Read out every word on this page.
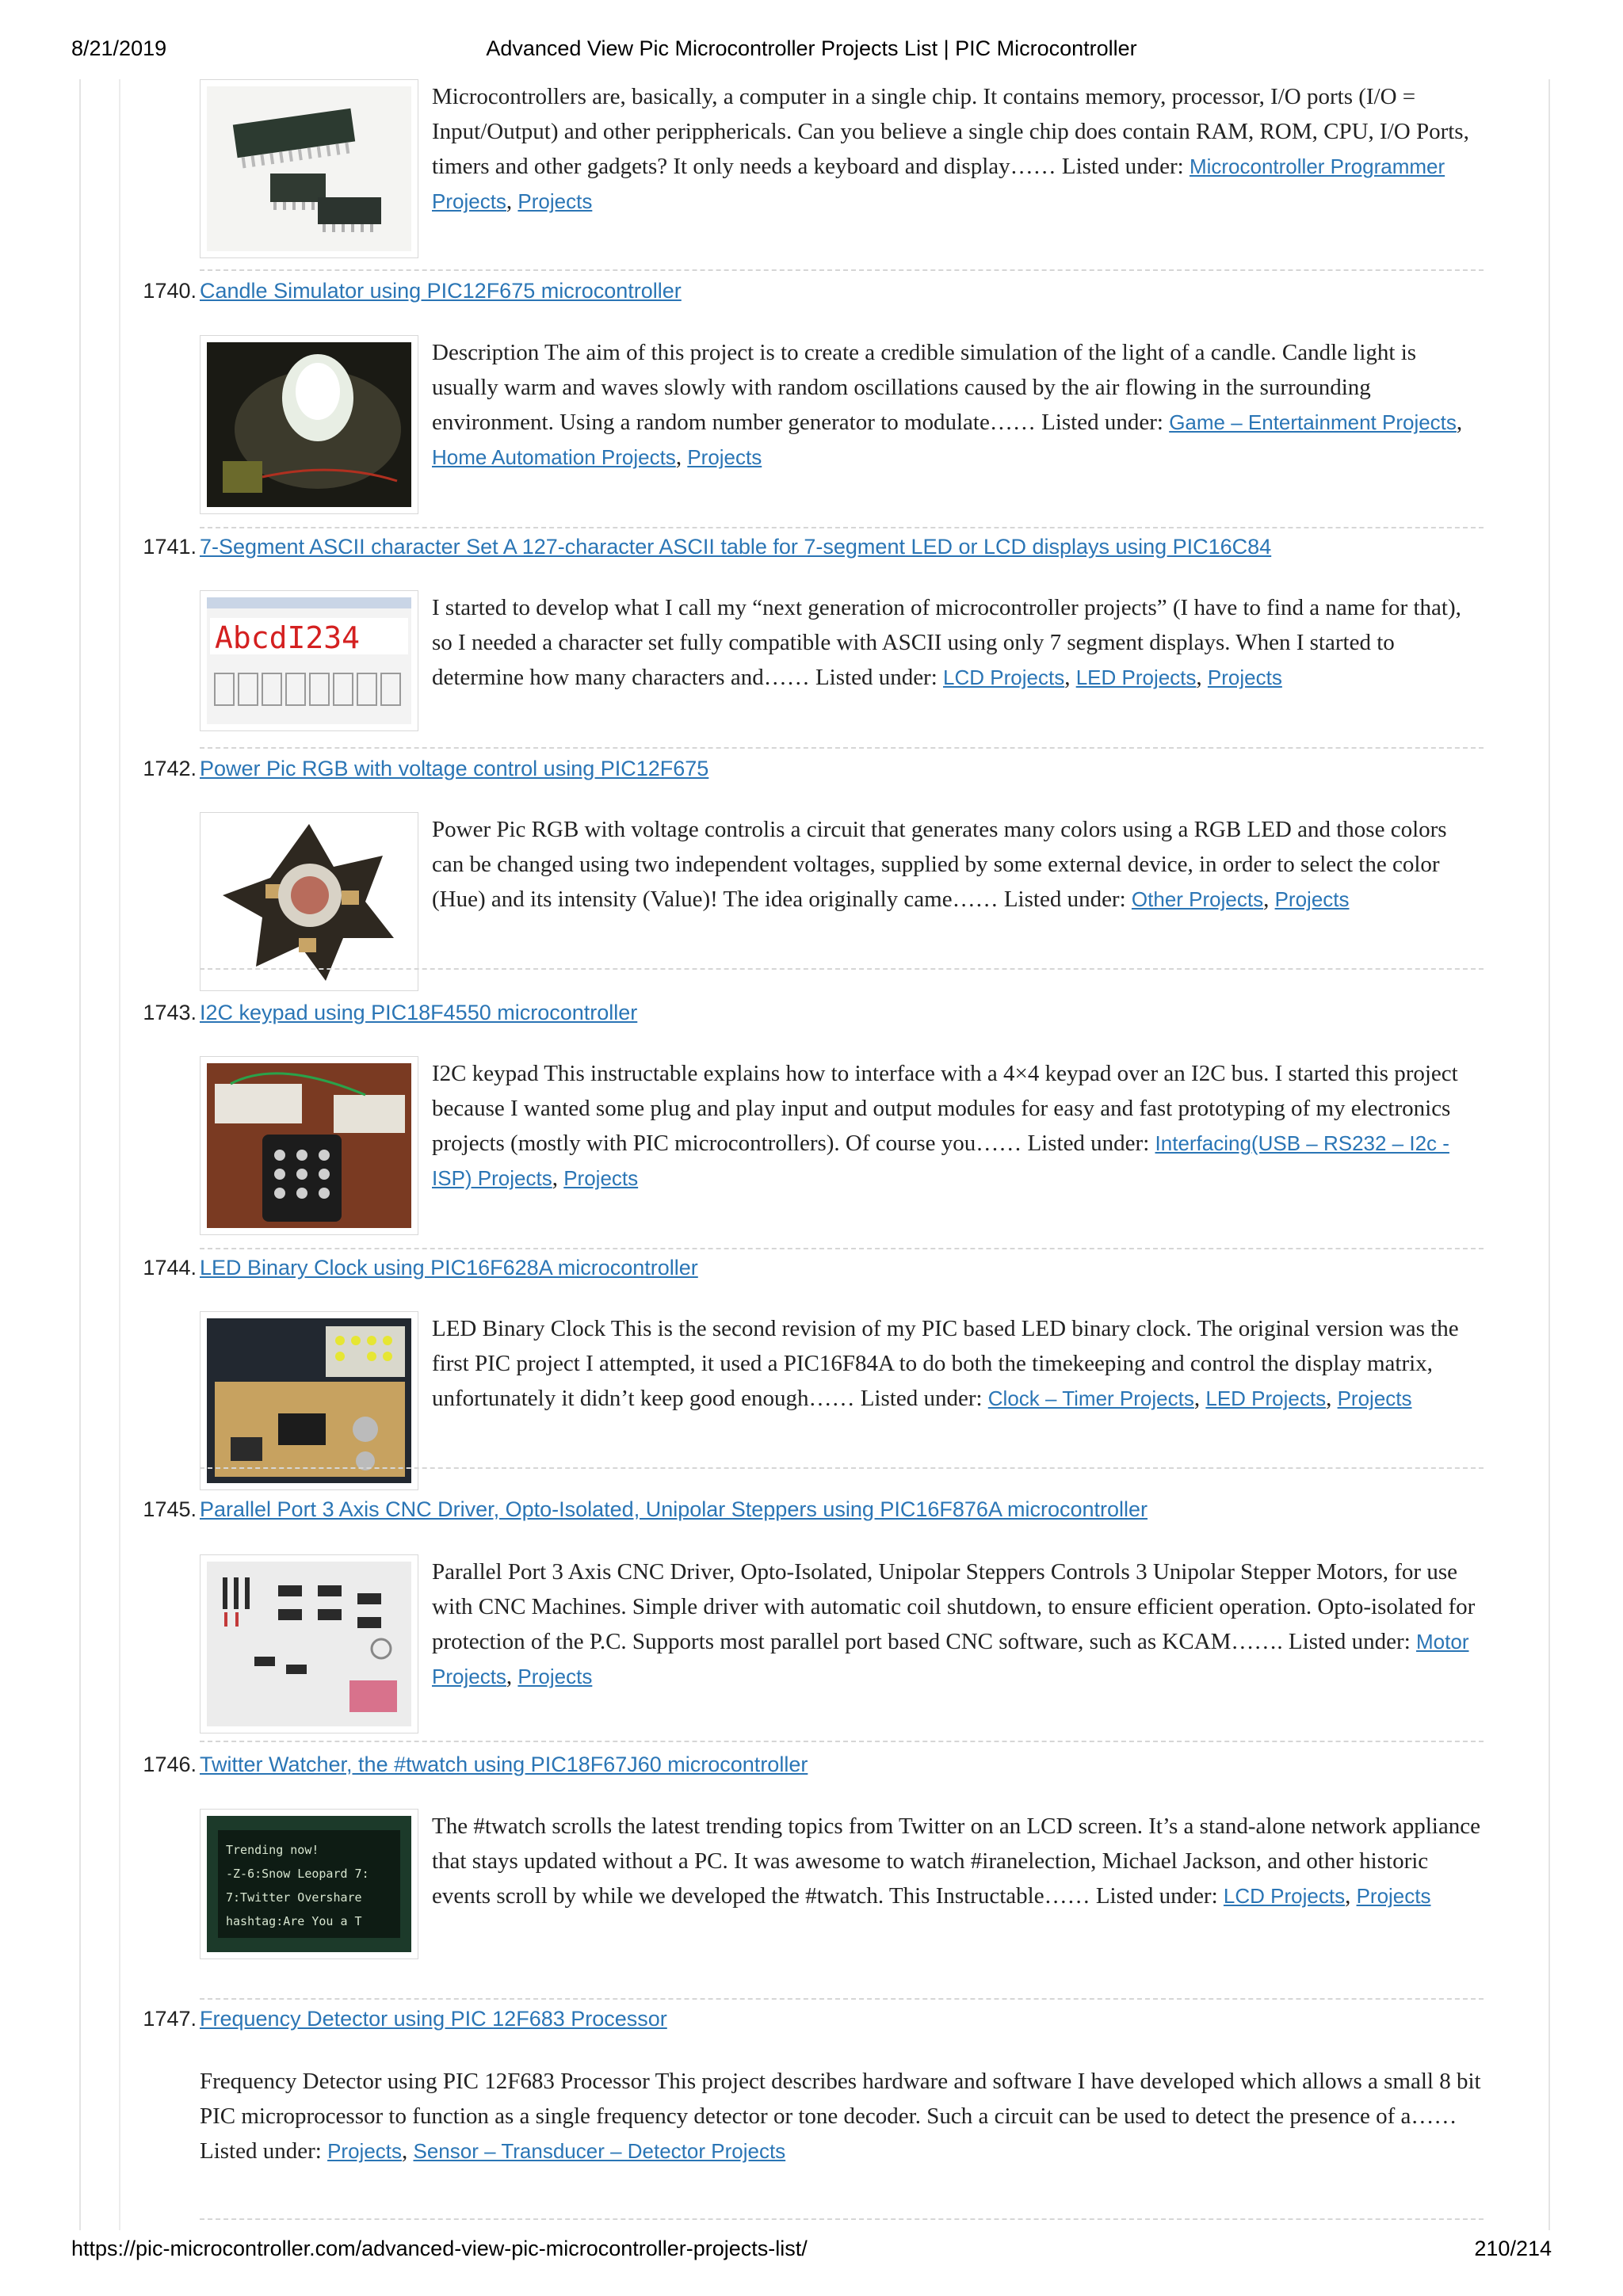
8/21/2019	Advanced View Pic Microcontroller Projects List | PIC Microcontroller
Microcontrollers are, basically, a computer in a single chip. It contains memory, processor, I/O ports (I/O = Input/Output) and other peripphericals. Can you believe a single chip does contain RAM, ROM, CPU, I/O Ports, timers and other gadgets? It only needs a keyboard and display…… Listed under: Microcontroller Programmer Projects, Projects
1740. Candle Simulator using PIC12F675 microcontroller
Description The aim of this project is to create a credible simulation of the light of a candle. Candle light is usually warm and waves slowly with random oscillations caused by the air flowing in the surrounding environment. Using a random number generator to modulate…… Listed under: Game – Entertainment Projects, Home Automation Projects, Projects
1741. 7-Segment ASCII character Set A 127-character ASCII table for 7-segment LED or LCD displays using PIC16C84
AbcdI234
I started to develop what I call my “next generation of microcontroller projects” (I have to find a name for that), so I needed a character set fully compatible with ASCII using only 7 segment displays. When I started to determine how many characters and…… Listed under: LCD Projects, LED Projects, Projects
1742. Power Pic RGB with voltage control using PIC12F675
Power Pic RGB with voltage controlis a circuit that generates many colors using a RGB LED and those colors can be changed using two independent voltages, supplied by some external device, in order to select the color (Hue) and its intensity (Value)! The idea originally came…… Listed under: Other Projects, Projects
1743. I2C keypad using PIC18F4550 microcontroller
I2C keypad This instructable explains how to interface with a 4×4 keypad over an I2C bus. I started this project because I wanted some plug and play input and output modules for easy and fast prototyping of my electronics projects (mostly with PIC microcontrollers). Of course you…… Listed under: Interfacing(USB – RS232 – I2c -ISP) Projects, Projects
1744. LED Binary Clock using PIC16F628A microcontroller
LED Binary Clock This is the second revision of my PIC based LED binary clock. The original version was the first PIC project I attempted, it used a PIC16F84A to do both the timekeeping and control the display matrix, unfortunately it didn’t keep good enough…… Listed under: Clock – Timer Projects, LED Projects, Projects
1745. Parallel Port 3 Axis CNC Driver, Opto-Isolated, Unipolar Steppers using PIC16F876A microcontroller
Parallel Port 3 Axis CNC Driver, Opto-Isolated, Unipolar Steppers Controls 3 Unipolar Stepper Motors, for use with CNC Machines. Simple driver with automatic coil shutdown, to ensure efficient operation. Opto-isolated for protection of the P.C. Supports most parallel port based CNC software, such as KCAM……. Listed under: Motor Projects, Projects
1746. Twitter Watcher, the #twatch using PIC18F67J60 microcontroller
Trending now!
-Z-6:Snow Leopard 7:
7:Twitter Overshare
hashtag:Are You a T
The #twatch scrolls the latest trending topics from Twitter on an LCD screen. It’s a stand-alone network appliance that stays updated without a PC. It was awesome to watch #iranelection, Michael Jackson, and other historic events scroll by while we developed the #twatch. This Instructable…… Listed under: LCD Projects, Projects
1747. Frequency Detector using PIC 12F683 Processor
Frequency Detector using PIC 12F683 Processor This project describes hardware and software I have developed which allows a small 8 bit PIC microprocessor to function as a single frequency detector or tone decoder. Such a circuit can be used to detect the presence of a…… Listed under: Projects, Sensor – Transducer – Detector Projects
https://pic-microcontroller.com/advanced-view-pic-microcontroller-projects-list/	210/214
